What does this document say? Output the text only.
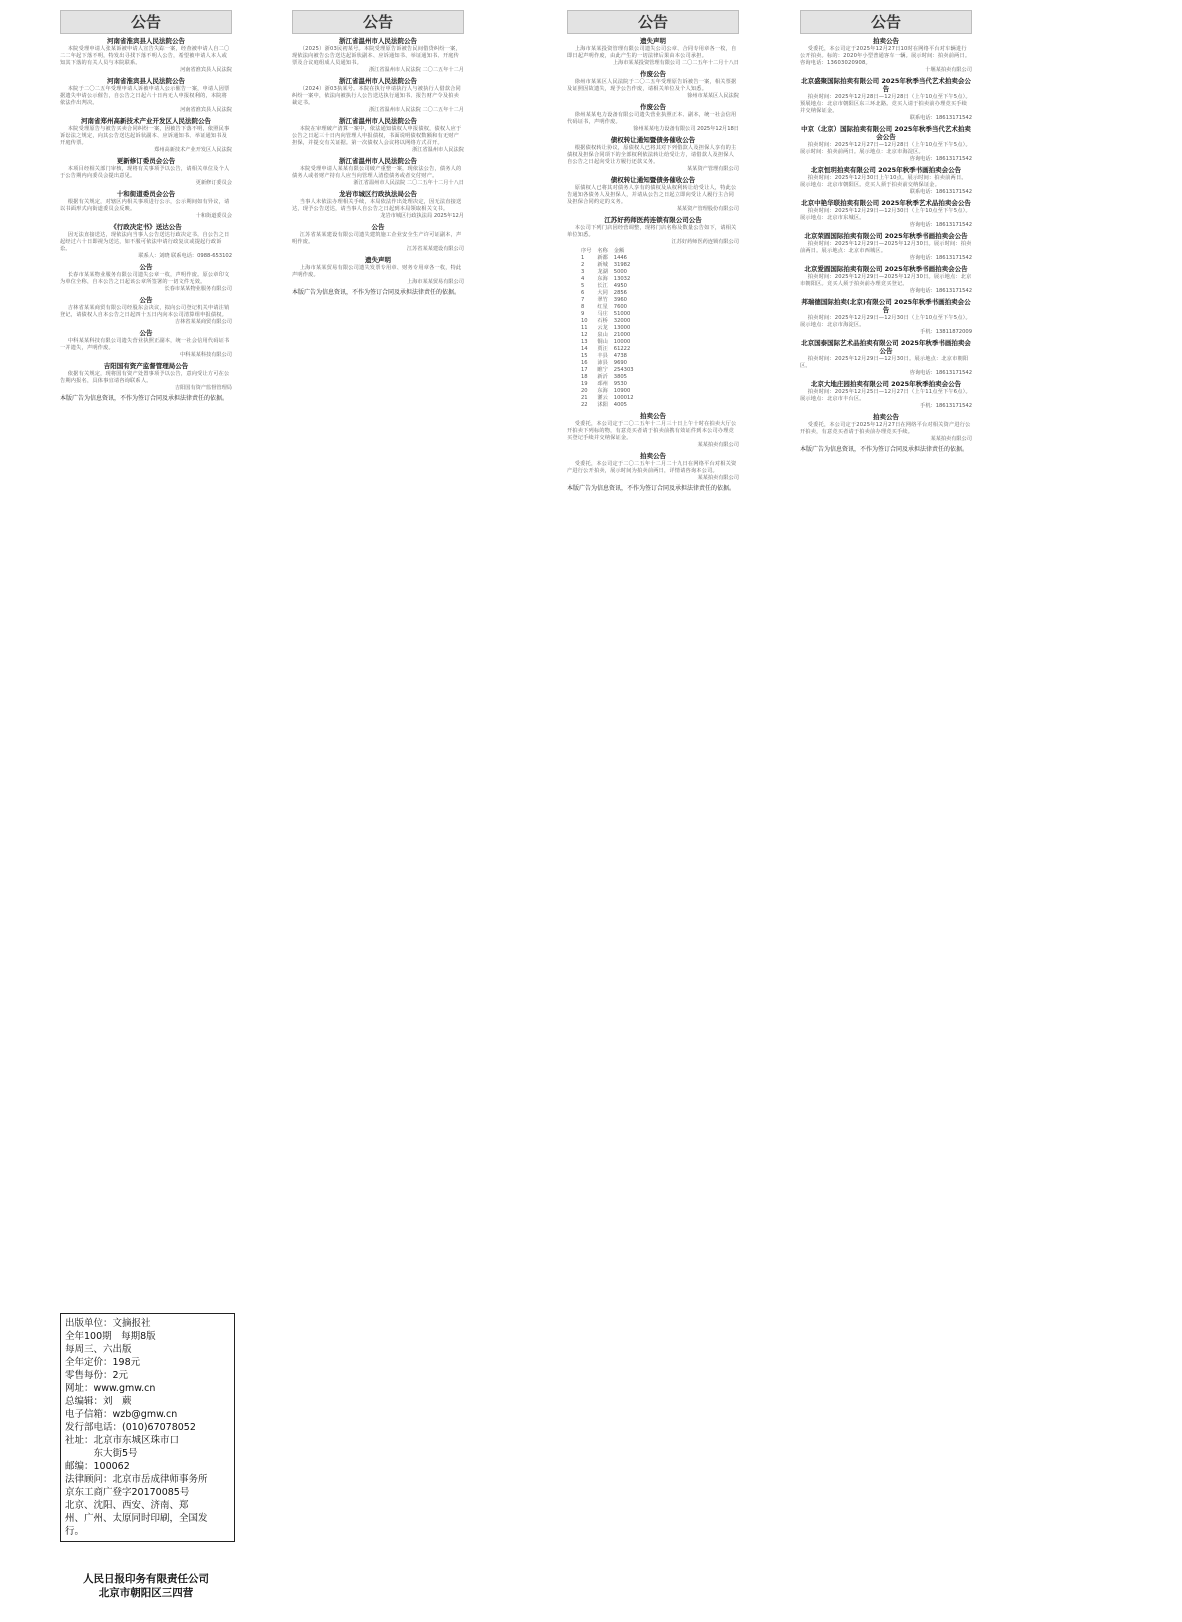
公告
河南省淮宾县人民法院公告

本院受理申请人张某诉被申请人宣告失踪一案，经查被申请人自二〇二二年起下落不明，特发出寻找下落不明人公告，希望被申请人本人或知其下落的有关人员与本院联系。

河南省淮宾县人民法院

河南省淮宾县人民法院公告

本院于二〇二五年受理申请人诉被申请人公示催告一案，申请人因票据遗失申请公示催告，自公告之日起六十日内无人申报权利的，本院将依法作出判决。

河南省淮宾县人民法院

河南省郑州高新技术产业开发区人民法院公告

本院受理原告与被告买卖合同纠纷一案，因被告下落不明，依照民事诉讼法之规定，向其公告送达起诉状副本、应诉通知书、举证通知书及开庭传票。

郑州高新技术产业开发区人民法院

更新修订委员会公告

本项目经相关部门审核，现将有关事项予以公告，请相关单位及个人于公告期内向委员会提出意见。

更新修订委员会

十和街道委员会公告

根据有关规定，对辖区内相关事项进行公示，公示期间如有异议，请以书面形式向街道委员会反映。

十和街道委员会

《行政决定书》送达公告

因无法直接送达，现依法向当事人公告送达行政决定书，自公告之日起经过六十日即视为送达，如不服可依法申请行政复议或提起行政诉讼。

联系人：刘晓 联系电话：0988-653102

公告

长春市某某物业服务有限公司遗失公章一枚，声明作废。原公章印文为单位全称，自本公告之日起该公章所签署的一切文件无效。

长春市某某物业服务有限公司

公告

吉林省某某商贸有限公司经股东会决议，拟向公司登记机关申请注销登记，请债权人自本公告之日起四十五日内向本公司清算组申报债权。

吉林省某某商贸有限公司

公告

中科某某科技有限公司遗失营业执照正副本，统一社会信用代码证书一并遗失，声明作废。

中科某某科技有限公司

吉阳国有资产监督管理局公告

依据有关规定，现将国有资产处置事项予以公告，意向受让方可在公告期内报名，具体事宜请咨询联系人。

吉阳国有资产监督管理局

本版广告为信息资讯，不作为签订合同及承担法律责任的依据。
公告
浙江省温州市人民法院公告

（2025）浙03民初某号。本院受理原告诉被告民间借贷纠纷一案，现依法向被告公告送达起诉状副本、应诉通知书、举证通知书、开庭传票及合议庭组成人员通知书。

浙江省温州市人民法院 二〇二五年十二月

浙江省温州市人民法院公告

（2024）浙03执某号。本院在执行申请执行人与被执行人借款合同纠纷一案中，依法向被执行人公告送达执行通知书、报告财产令及拍卖裁定书。

浙江省温州市人民法院 二〇二五年十二月

浙江省温州市人民法院公告

本院在审理破产清算一案中，依法通知债权人申报债权，债权人应于公告之日起三十日内向管理人申报债权，书面说明债权数额和有无财产担保，并提交有关证据。第一次债权人会议将以网络方式召开。

浙江省温州市人民法院

浙江省温州市人民法院公告

本院受理申请人某某有限公司破产重整一案，现依法公告，债务人的债务人或者财产持有人应当向管理人清偿债务或者交付财产。

浙江省温州市人民法院 二〇二五年十二月十八日

龙岩市城区行政执法局公告

当事人未依法办理相关手续，本局依法作出处理决定，因无法直接送达，现予公告送达，请当事人自公告之日起到本局领取相关文书。

龙岩市城区行政执法局 2025年12月

公告

江苏省某某建设有限公司遗失建筑施工企业安全生产许可证副本，声明作废。

江苏省某某建设有限公司

遗失声明

上海市某某贸易有限公司遗失发票专用章、财务专用章各一枚，特此声明作废。

上海市某某贸易有限公司

本版广告为信息资讯，不作为签订合同及承担法律责任的依据。
公告
遗失声明

上海市某某投资管理有限公司遗失公司公章、合同专用章各一枚，自即日起声明作废，由此产生的一切法律后果由本公司承担。

上海市某某投资管理有限公司 二〇二五年十二月十八日

作废公告

徐州市某某区人民法院于二〇二五年受理原告诉被告一案，相关票据及证照因故遗失，现予公告作废，请相关单位及个人知悉。

徐州市某某区人民法院

作废公告

徐州某某电力设备有限公司遗失营业执照正本、副本，统一社会信用代码证书，声明作废。

徐州某某电力设备有限公司 2025年12月18日

债权转让通知暨债务催收公告

根据债权转让协议，原债权人已将其对下列借款人及担保人享有的主债权及担保合同项下的全部权利依法转让给受让方，请借款人及担保人自公告之日起向受让方履行还款义务。

某某资产管理有限公司

债权转让通知暨债务催收公告

原债权人已将其对债务人享有的债权及从权利转让给受让人，特此公告通知各债务人及担保人，并请从公告之日起立即向受让人履行主合同及担保合同约定的义务。

某某资产管理股份有限公司

江苏好药师医药连锁有限公司公告

本公司下列门店因经营调整，现将门店名称及数量公告如下，请相关单位知悉。

江苏好药师医药连锁有限公司

序号	名称	金额
1	新都	1446
2	新城	31982
3	龙湖	5000
4	东海	13032
5	长江	4950
6	大同	2856
7	翠竹	3960
8	红星	7600
9	马庄	51000
10	石桥	32000
11	云龙	13000
12	泉山	21000
13	铜山	10000
14	贾汪	61222
15	丰县	4738
16	沛县	9690
17	睢宁	254303
18	新沂	3805
19	邳州	9530
20	东海	10900
21	灌云	100012
22	沭阳	4005
拍卖公告

受委托，本公司定于二〇二五年十二月三十日上午十时在拍卖大厅公开拍卖下列标的物，有意竞买者请于拍卖前携有效证件到本公司办理竞买登记手续并交纳保证金。

某某拍卖有限公司

拍卖公告

受委托，本公司定于二〇二五年十二月二十九日在网络平台对相关资产进行公开拍卖，展示时间为拍卖前两日，详情请咨询本公司。

某某拍卖有限公司

本版广告为信息资讯，不作为签订合同及承担法律责任的依据。
公告
拍卖公告

受委托，本公司定于2025年12月27日10时在网络平台对车辆进行公开拍卖。标的：2020年小型普通客车一辆。展示时间：拍卖前两日。咨询电话：13603020908。

十堰某拍卖有限公司

北京盛聚国际拍卖有限公司 2025年秋季当代艺术拍卖会公告

拍卖时间：2025年12月28日—12月28日（上午10点至下午5点）。预展地点：北京市朝阳区东三环北路。竞买人请于拍卖前办理竞买手续并交纳保证金。

联系电话：18613171542

中京（北京）国际拍卖有限公司 2025年秋季当代艺术拍卖会公告

拍卖时间：2025年12月27日—12月28日（上午10点至下午5点）。展示时间：拍卖前两日。展示地点：北京市海淀区。

咨询电话：18613171542

北京恒玥拍卖有限公司 2025年秋季书画拍卖会公告

拍卖时间：2025年12月30日上午10点。展示时间：拍卖前两日。展示地点：北京市朝阳区。竞买人须于拍卖前交纳保证金。

联系电话：18613171542

北京中艳华联拍卖有限公司 2025年秋季艺术品拍卖会公告

拍卖时间：2025年12月29日—12月30日（上午10点至下午5点）。展示地点：北京市东城区。

咨询电话：18613171542

北京荣圆国际拍卖有限公司 2025年秋季书画拍卖会公告

拍卖时间：2025年12月29日—2025年12月30日。展示时间：拍卖前两日。展示地点：北京市西城区。

咨询电话：18613171542

北京爱圆国际拍卖有限公司 2025年秋季书画拍卖会公告

拍卖时间：2025年12月29日—2025年12月30日。展示地点：北京市朝阳区。竞买人须于拍卖前办理竞买登记。

咨询电话：18613171542

邦瑞德国际拍卖(北京)有限公司 2025年秋季书画拍卖会公告

拍卖时间：2025年12月29日—12月30日（上午10点至下午5点）。展示地点：北京市海淀区。

手机：13811872009

北京国泰国际艺术品拍卖有限公司 2025年秋季书画拍卖会公告

拍卖时间：2025年12月29日—12月30日。展示地点：北京市朝阳区。

咨询电话：18613171542

北京大地庄园拍卖有限公司 2025年秋季拍卖会公告

拍卖时间：2025年12月25日—12月27日（上午11点至下午6点）。展示地点：北京市丰台区。

手机：18613171542

拍卖公告

受委托，本公司定于2025年12月27日在网络平台对相关资产进行公开拍卖，有意竞买者请于拍卖前办理竞买手续。

某某拍卖有限公司

本版广告为信息资讯，不作为签订合同及承担法律责任的依据。
出版单位：文摘报社
全年100期　每期8版
每周三、六出版
全年定价：198元
零售每份：2元
网址：www.gmw.cn
总编辑：刘　蕨
电子信箱：wzb@gmw.cn
发行部电话：(010)67078052
社址：北京市东城区珠市口
　　　东大街5号
邮编：100062
法律顾问：北京市岳成律师事务所
京东工商广登字20170085号
北京、沈阳、西安、济南、郑
州、广州、太原同时印刷，全国发
行。
人民日报印务有限责任公司
北京市朝阳区三四营
